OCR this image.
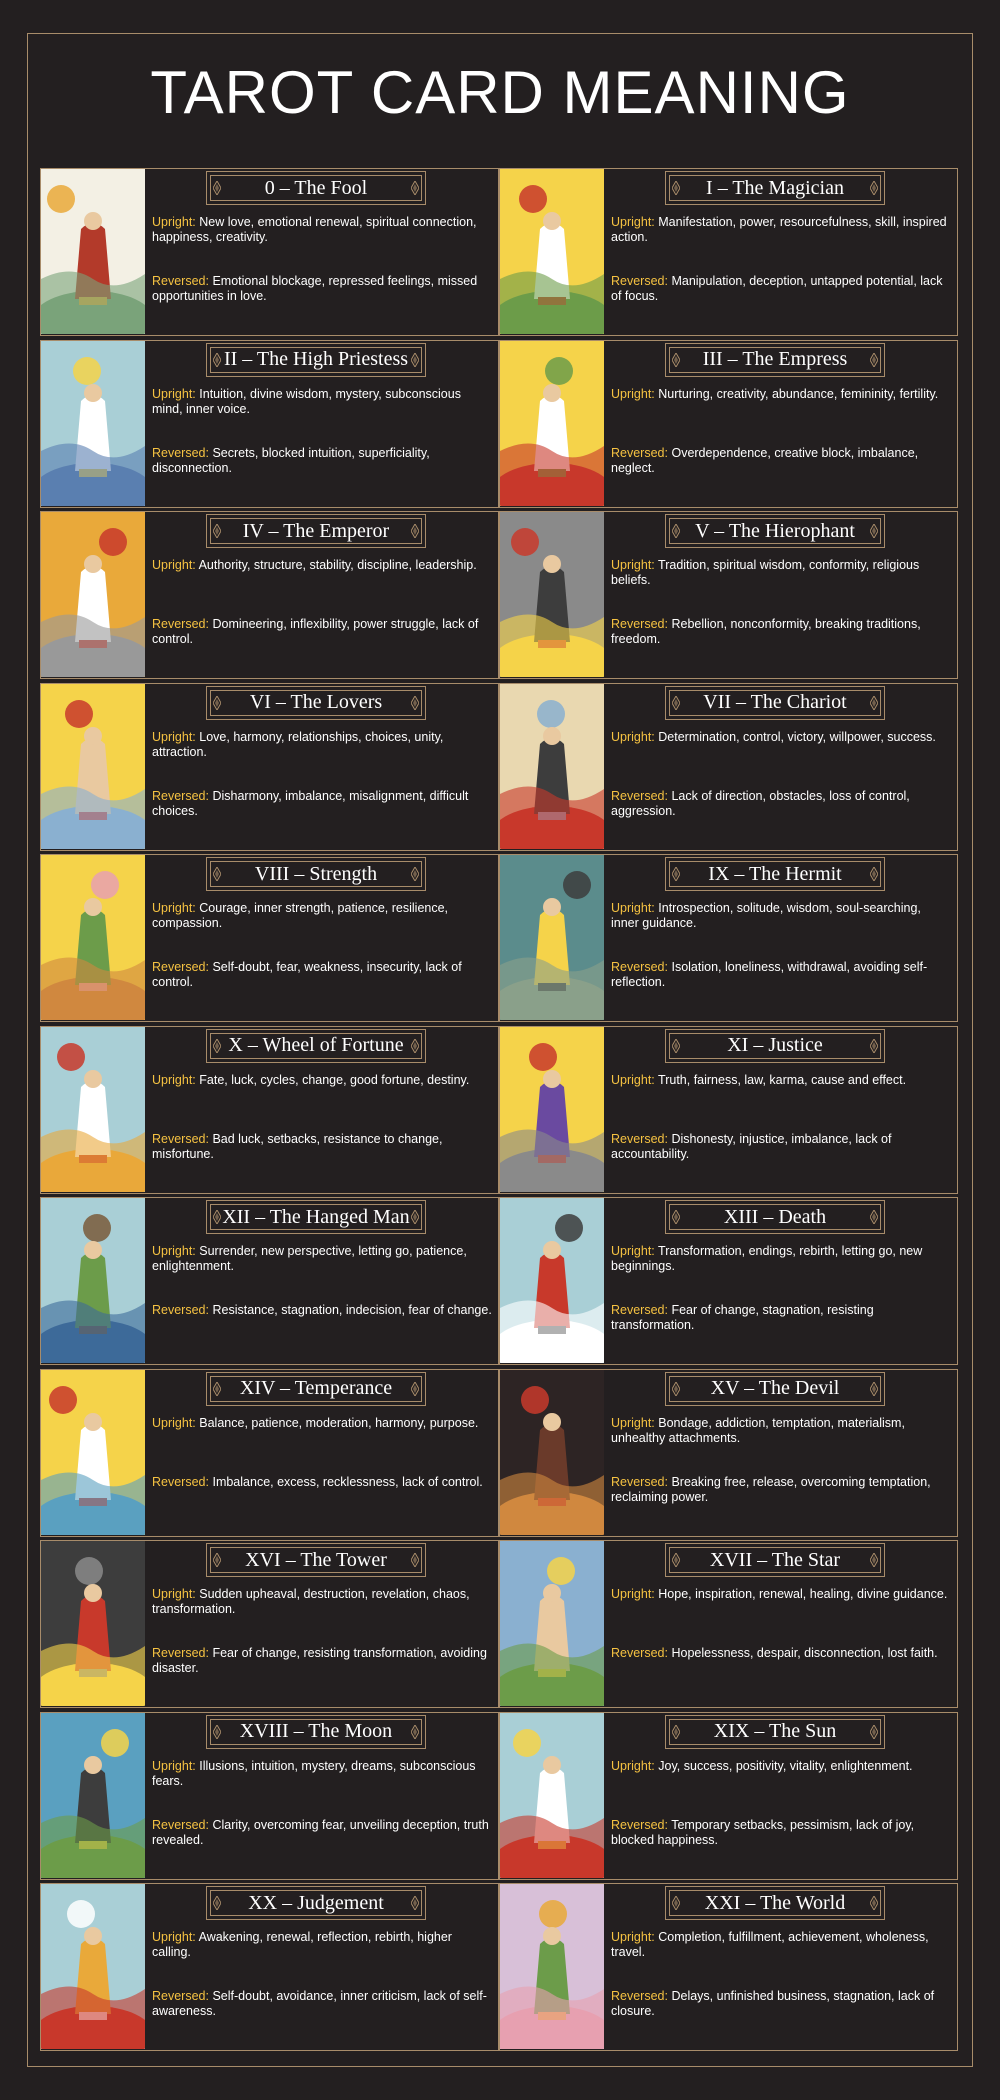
TAROT CARD MEANING
0 – The Fool
Upright: New love, emotional renewal, spiritual connection, happiness, creativity.
Reversed: Emotional blockage, repressed feelings, missed opportunities in love.
I – The Magician
Upright: Manifestation, power, resourcefulness, skill, inspired action.
Reversed: Manipulation, deception, untapped potential, lack of focus.
II – The High Priestess
Upright: Intuition, divine wisdom, mystery, subconscious mind, inner voice.
Reversed: Secrets, blocked intuition, superficiality, disconnection.
III – The Empress
Upright: Nurturing, creativity, abundance, femininity, fertility.
Reversed: Overdependence, creative block, imbalance, neglect.
IV – The Emperor
Upright: Authority, structure, stability, discipline, leadership.
Reversed: Domineering, inflexibility, power struggle, lack of control.
V – The Hierophant
Upright: Tradition, spiritual wisdom, conformity, religious beliefs.
Reversed: Rebellion, nonconformity, breaking traditions, freedom.
VI – The Lovers
Upright: Love, harmony, relationships, choices, unity, attraction.
Reversed: Disharmony, imbalance, misalignment, difficult choices.
VII – The Chariot
Upright: Determination, control, victory, willpower, success.
Reversed: Lack of direction, obstacles, loss of control, aggression.
VIII – Strength
Upright: Courage, inner strength, patience, resilience, compassion.
Reversed: Self-doubt, fear, weakness, insecurity, lack of control.
IX – The Hermit
Upright: Introspection, solitude, wisdom, soul-searching, inner guidance.
Reversed: Isolation, loneliness, withdrawal, avoiding self-reflection.
X – Wheel of Fortune
Upright: Fate, luck, cycles, change, good fortune, destiny.
Reversed: Bad luck, setbacks, resistance to change, misfortune.
XI – Justice
Upright: Truth, fairness, law, karma, cause and effect.
Reversed: Dishonesty, injustice, imbalance, lack of accountability.
XII – The Hanged Man
Upright: Surrender, new perspective, letting go, patience, enlightenment.
Reversed: Resistance, stagnation, indecision, fear of change.
XIII – Death
Upright: Transformation, endings, rebirth, letting go, new beginnings.
Reversed: Fear of change, stagnation, resisting transformation.
XIV – Temperance
Upright: Balance, patience, moderation, harmony, purpose.
Reversed: Imbalance, excess, recklessness, lack of control.
XV – The Devil
Upright: Bondage, addiction, temptation, materialism, unhealthy attachments.
Reversed: Breaking free, release, overcoming temptation, reclaiming power.
XVI – The Tower
Upright: Sudden upheaval, destruction, revelation, chaos, transformation.
Reversed: Fear of change, resisting transformation, avoiding disaster.
XVII – The Star
Upright: Hope, inspiration, renewal, healing, divine guidance.
Reversed: Hopelessness, despair, disconnection, lost faith.
XVIII – The Moon
Upright: Illusions, intuition, mystery, dreams, subconscious fears.
Reversed: Clarity, overcoming fear, unveiling deception, truth revealed.
XIX – The Sun
Upright: Joy, success, positivity, vitality, enlightenment.
Reversed: Temporary setbacks, pessimism, lack of joy, blocked happiness.
XX – Judgement
Upright: Awakening, renewal, reflection, rebirth, higher calling.
Reversed: Self-doubt, avoidance, inner criticism, lack of self-awareness.
XXI – The World
Upright: Completion, fulfillment, achievement, wholeness, travel.
Reversed: Delays, unfinished business, stagnation, lack of closure.
